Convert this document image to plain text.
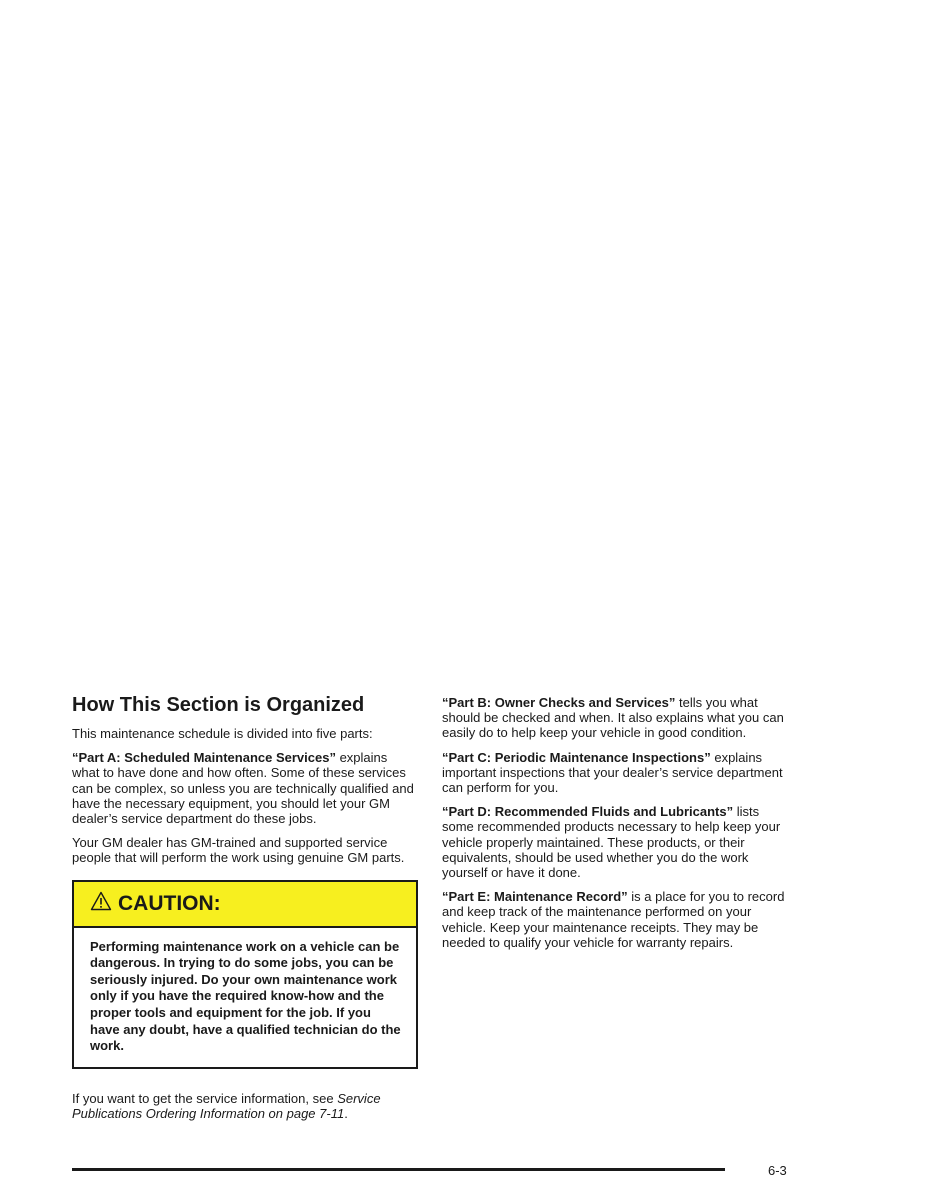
How This Section is Organized

This maintenance schedule is divided into five parts:

“Part A: Scheduled Maintenance Services” explains what to have done and how often. Some of these services can be complex, so unless you are technically qualified and have the necessary equipment, you should let your GM dealer’s service department do these jobs.

Your GM dealer has GM-trained and supported service people that will perform the work using genuine GM parts.

CAUTION:
Performing maintenance work on a vehicle can be dangerous. In trying to do some jobs, you can be seriously injured. Do your own maintenance work only if you have the required know-how and the proper tools and equipment for the job. If you have any doubt, have a qualified technician do the work.

If you want to get the service information, see Service Publications Ordering Information on page 7-11.

“Part B: Owner Checks and Services” tells you what should be checked and when. It also explains what you can easily do to help keep your vehicle in good condition.

“Part C: Periodic Maintenance Inspections” explains important inspections that your dealer’s service department can perform for you.

“Part D: Recommended Fluids and Lubricants” lists some recommended products necessary to help keep your vehicle properly maintained. These products, or their equivalents, should be used whether you do the work yourself or have it done.

“Part E: Maintenance Record” is a place for you to record and keep track of the maintenance performed on your vehicle. Keep your maintenance receipts. They may be needed to qualify your vehicle for warranty repairs.

6-3
